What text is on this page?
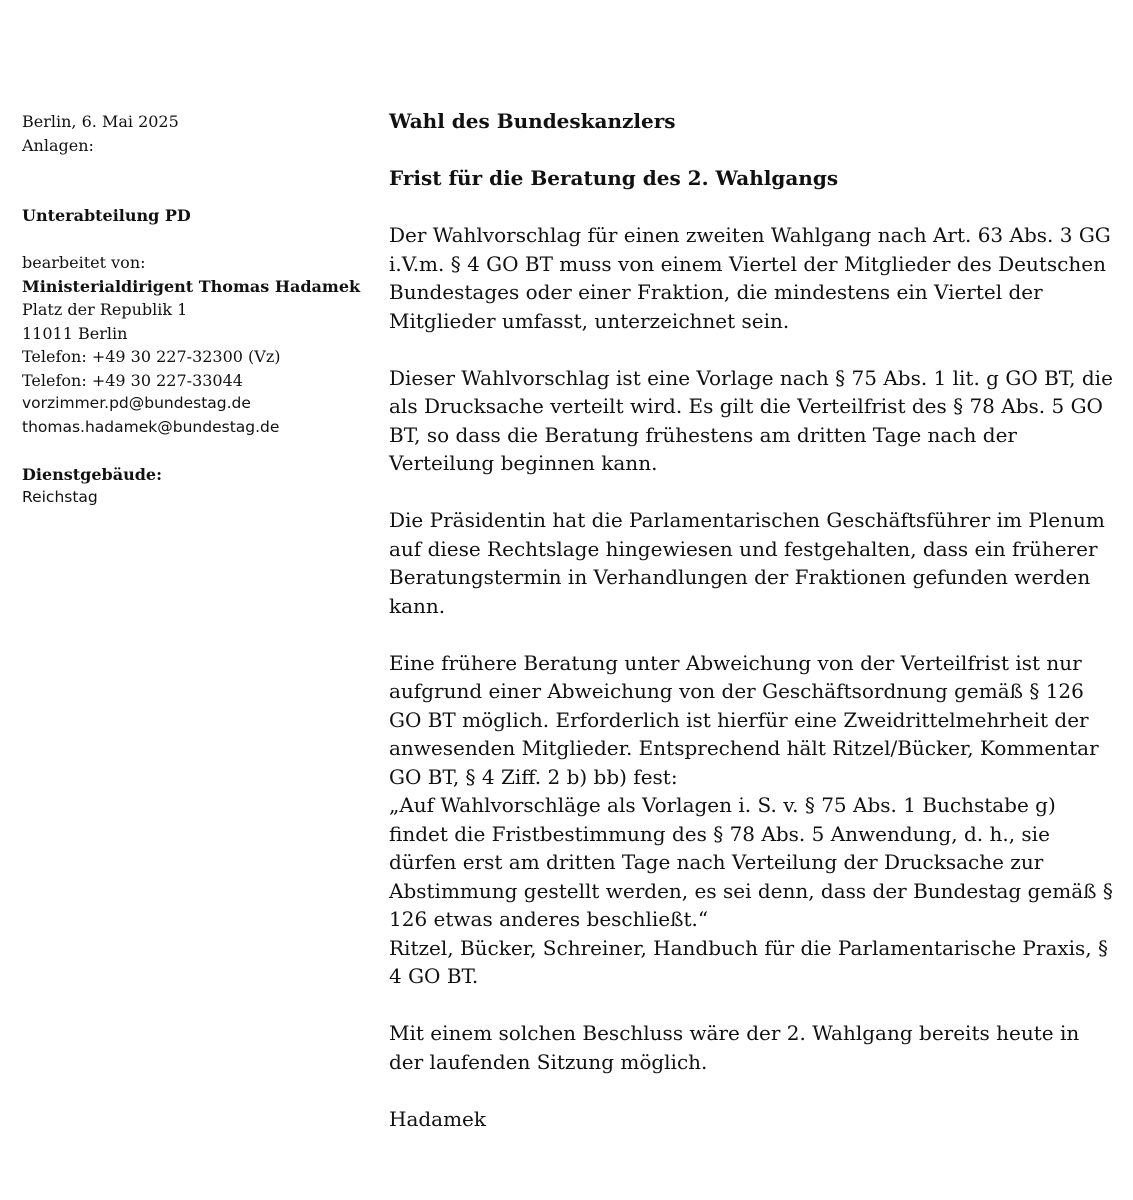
Berlin, 6. Mai 2025
Anlagen:
Unterabteilung PD
bearbeitet von:
Ministerialdirigent Thomas Hadamek
Platz der Republik 1
11011 Berlin
Telefon: +49 30 227-32300 (Vz)
Telefon: +49 30 227-33044
vorzimmer.pd@bundestag.de
thomas.hadamek@bundestag.de
Dienstgebäude:
Reichstag
Wahl des Bundeskanzlers
Frist für die Beratung des 2. Wahlgangs

Der Wahlvorschlag für einen zweiten Wahlgang nach Art. 63 Abs. 3 GG i.V.m. § 4 GO BT muss von einem Viertel der Mitglieder des Deutschen Bundestages oder einer Fraktion, die mindestens ein Viertel der Mitglieder umfasst, unterzeichnet sein.

Dieser Wahlvorschlag ist eine Vorlage nach § 75 Abs. 1 lit. g GO BT, die als Drucksache verteilt wird. Es gilt die Verteilfrist des § 78 Abs. 5 GO BT, so dass die Beratung frühestens am dritten Tage nach der Verteilung beginnen kann.

Die Präsidentin hat die Parlamentarischen Geschäftsführer im Plenum auf diese Rechtslage hingewiesen und festgehalten, dass ein früherer Beratungstermin in Verhandlungen der Fraktionen gefunden werden kann.

Eine frühere Beratung unter Abweichung von der Verteilfrist ist nur aufgrund einer Abweichung von der Geschäftsordnung gemäß § 126 GO BT möglich. Erforderlich ist hierfür eine Zweidrittelmehrheit der anwesenden Mitglieder. Entsprechend hält Ritzel/Bücker, Kommentar GO BT, § 4 Ziff. 2 b) bb) fest:
„Auf Wahlvorschläge als Vorlagen i. S. v. § 75 Abs. 1 Buchstabe g) findet die Fristbestimmung des § 78 Abs. 5 Anwendung, d. h., sie dürfen erst am dritten Tage nach Verteilung der Drucksache zur Abstimmung gestellt werden, es sei denn, dass der Bundestag gemäß § 126 etwas anderes beschließt.“
Ritzel, Bücker, Schreiner, Handbuch für die Parlamentarische Praxis, § 4 GO BT.

Mit einem solchen Beschluss wäre der 2. Wahlgang bereits heute in der laufenden Sitzung möglich.

Hadamek
